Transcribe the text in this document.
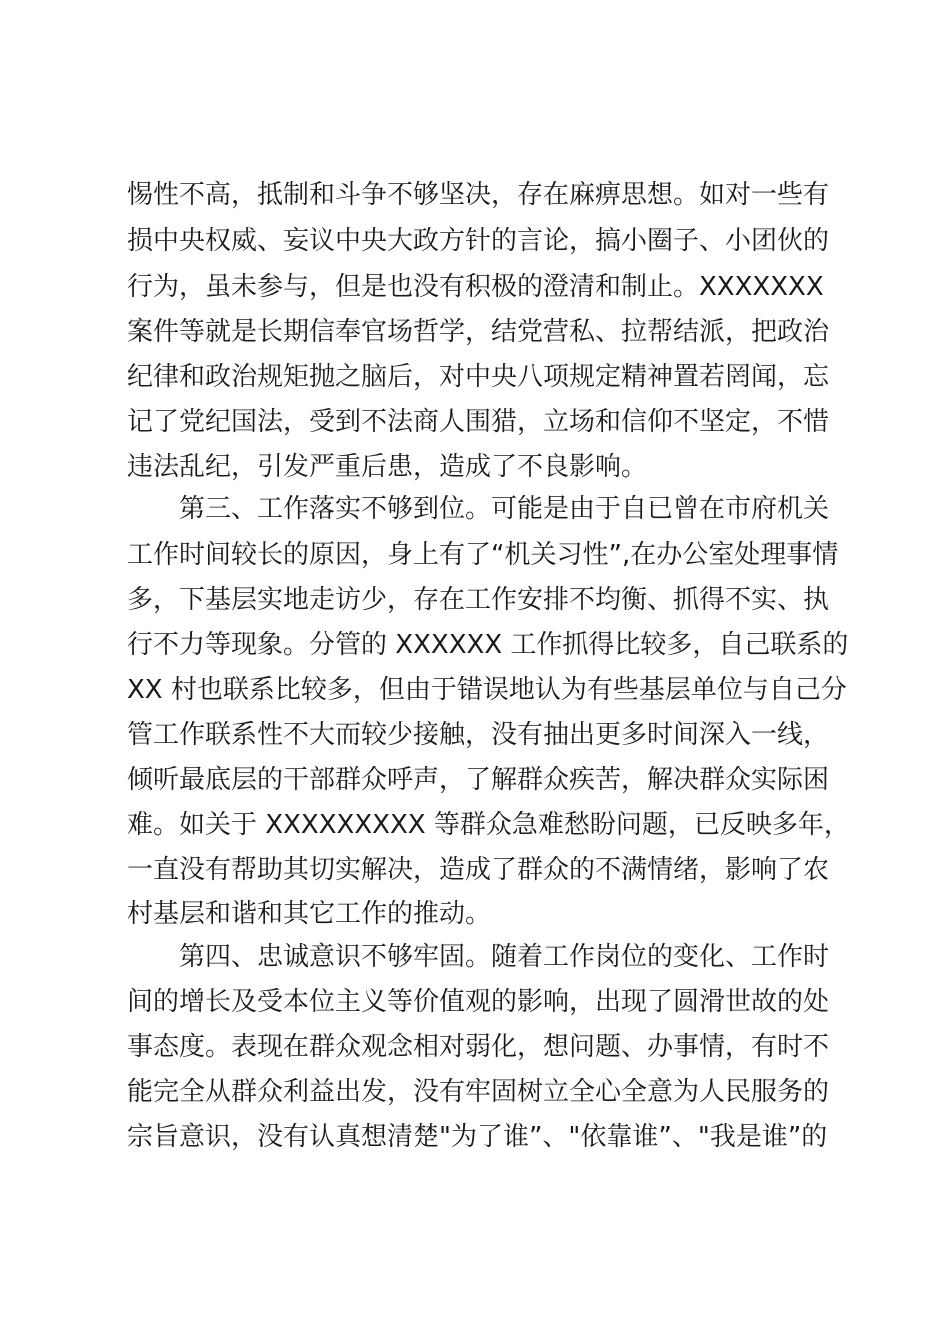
惕性不高，抵制和斗争不够坚决，存在麻痹思想。如对一些有

损中央权威、妄议中央大政方针的言论，搞小圈子、小团伙的

行为，虽未参与，但是也没有积极的澄清和制止。XXXXXXX

案件等就是长期信奉官场哲学，结党营私、拉帮结派，把政治

纪律和政治规矩抛之脑后，对中央八项规定精神置若罔闻，忘

记了党纪国法，受到不法商人围猎，立场和信仰不坚定，不惜

违法乱纪，引发严重后患，造成了不良影响。

第三、工作落实不够到位。可能是由于自已曾在市府机关

工作时间较长的原因，身上有了“机关习性”,在办公室处理事情

多，下基层实地走访少，存在工作安排不均衡、抓得不实、执

行不力等现象。分管的 XXXXXX 工作抓得比较多，自己联系的

XX 村也联系比较多，但由于错误地认为有些基层单位与自己分

管工作联系性不大而较少接触，没有抽出更多时间深入一线，

倾听最底层的干部群众呼声，了解群众疾苦，解决群众实际困

难。如关于 XXXXXXXXX 等群众急难愁盼问题，已反映多年，

一直没有帮助其切实解决，造成了群众的不满情绪，影响了农

村基层和谐和其它工作的推动。

第四、忠诚意识不够牢固。随着工作岗位的变化、工作时

间的增长及受本位主义等价值观的影响，出现了圆滑世故的处

事态度。表现在群众观念相对弱化，想问题、办事情，有时不

能完全从群众利益出发，没有牢固树立全心全意为人民服务的

宗旨意识，没有认真想清楚"为了谁”、"依靠谁”、"我是谁”的
